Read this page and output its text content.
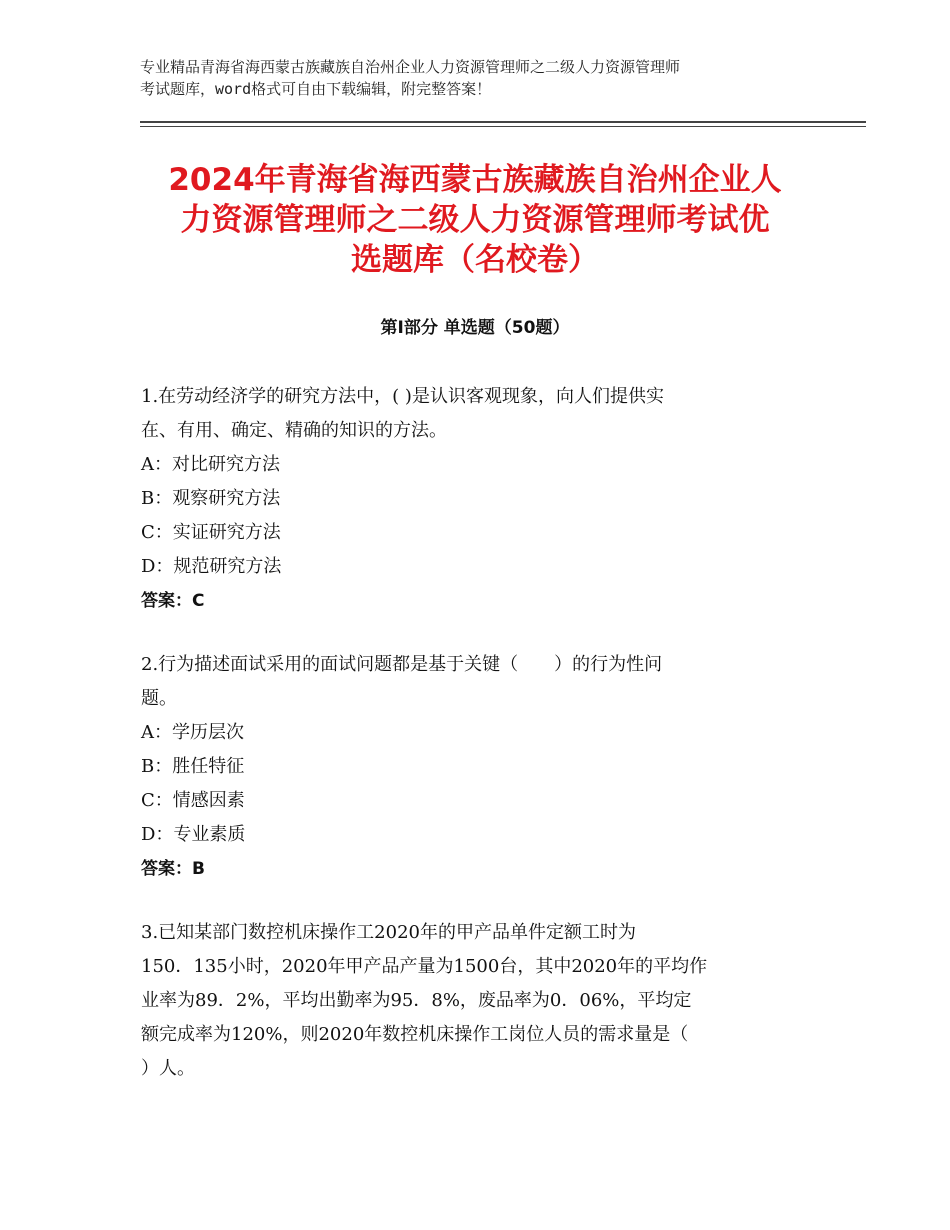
专业精品青海省海西蒙古族藏族自治州企业人力资源管理师之二级人力资源管理师
考试题库，word格式可自由下载编辑，附完整答案！
2024年青海省海西蒙古族藏族自治州企业人
力资源管理师之二级人力资源管理师考试优
选题库（名校卷）
第Ⅰ部分 单选题（50题）
1.在劳动经济学的研究方法中，( )是认识客观现象，向人们提供实
在、有用、确定、精确的知识的方法。
A：对比研究方法
B：观察研究方法
C：实证研究方法
D：规范研究方法
答案：C
2.行为描述面试采用的面试问题都是基于关键（　　）的行为性问
题。
A：学历层次
B：胜任特征
C：情感因素
D：专业素质
答案：B
3.已知某部门数控机床操作工2020年的甲产品单件定额工时为
150．135小时，2020年甲产品产量为1500台，其中2020年的平均作
业率为89．2%，平均出勤率为95．8%，废品率为0．06%，平均定
额完成率为120%，则2020年数控机床操作工岗位人员的需求量是（
）人。
